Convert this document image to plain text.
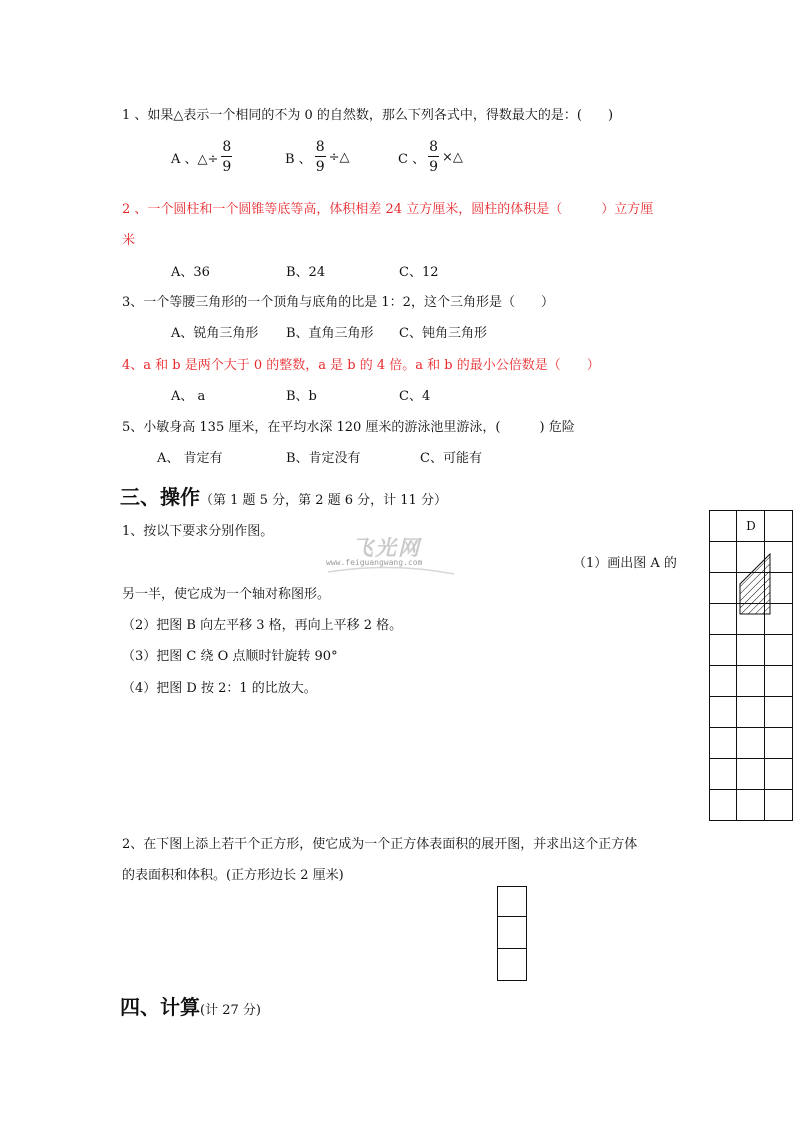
1 、如果△表示一个相同的不为 0 的自然数，那么下列各式中，得数最大的是：(　　)
A 、△÷ $\frac{8}{9}$	B 、 $\frac{8}{9}$ ÷△	C 、 $\frac{8}{9}$ ×△
2 、一个圆柱和一个圆锥等底等高，体积相差 24 立方厘米，圆柱的体积是（　　　）立方厘
米
A、36	B、24	C、12
3、一个等腰三角形的一个顶角与底角的比是 1：2，这个三角形是（　　）
A、锐角三角形 B、直角三角形 C、钝角三角形
4、a 和 b 是两个大于 0 的整数，a 是 b 的 4 倍。a 和 b 的最小公倍数是（　　）
A、 a	B、b	C、4
5、小敏身高 135 厘米，在平均水深 120 厘米的游泳池里游泳，(　　　) 危险
A、 肯定有	B、肯定没有	C、可能有
三、操作（第 1 题 5 分，第 2 题 6 分，计 11 分）
1、按以下要求分别作图。
飞光网
www.feiguangwang.com	（1）画出图 A 的
另一半，使它成为一个轴对称图形。
（2）把图 B 向左平移 3 格，再向上平移 2 格。
（3）把图 C 绕 O 点顺时针旋转 90°
（4）把图 D 按 2：1 的比放大。
	D	

2、在下图上添上若干个正方形，使它成为一个正方体表面积的展开图，并求出这个正方体
的表面积和体积。(正方形边长 2 厘米)
四、计算(计 27 分)
